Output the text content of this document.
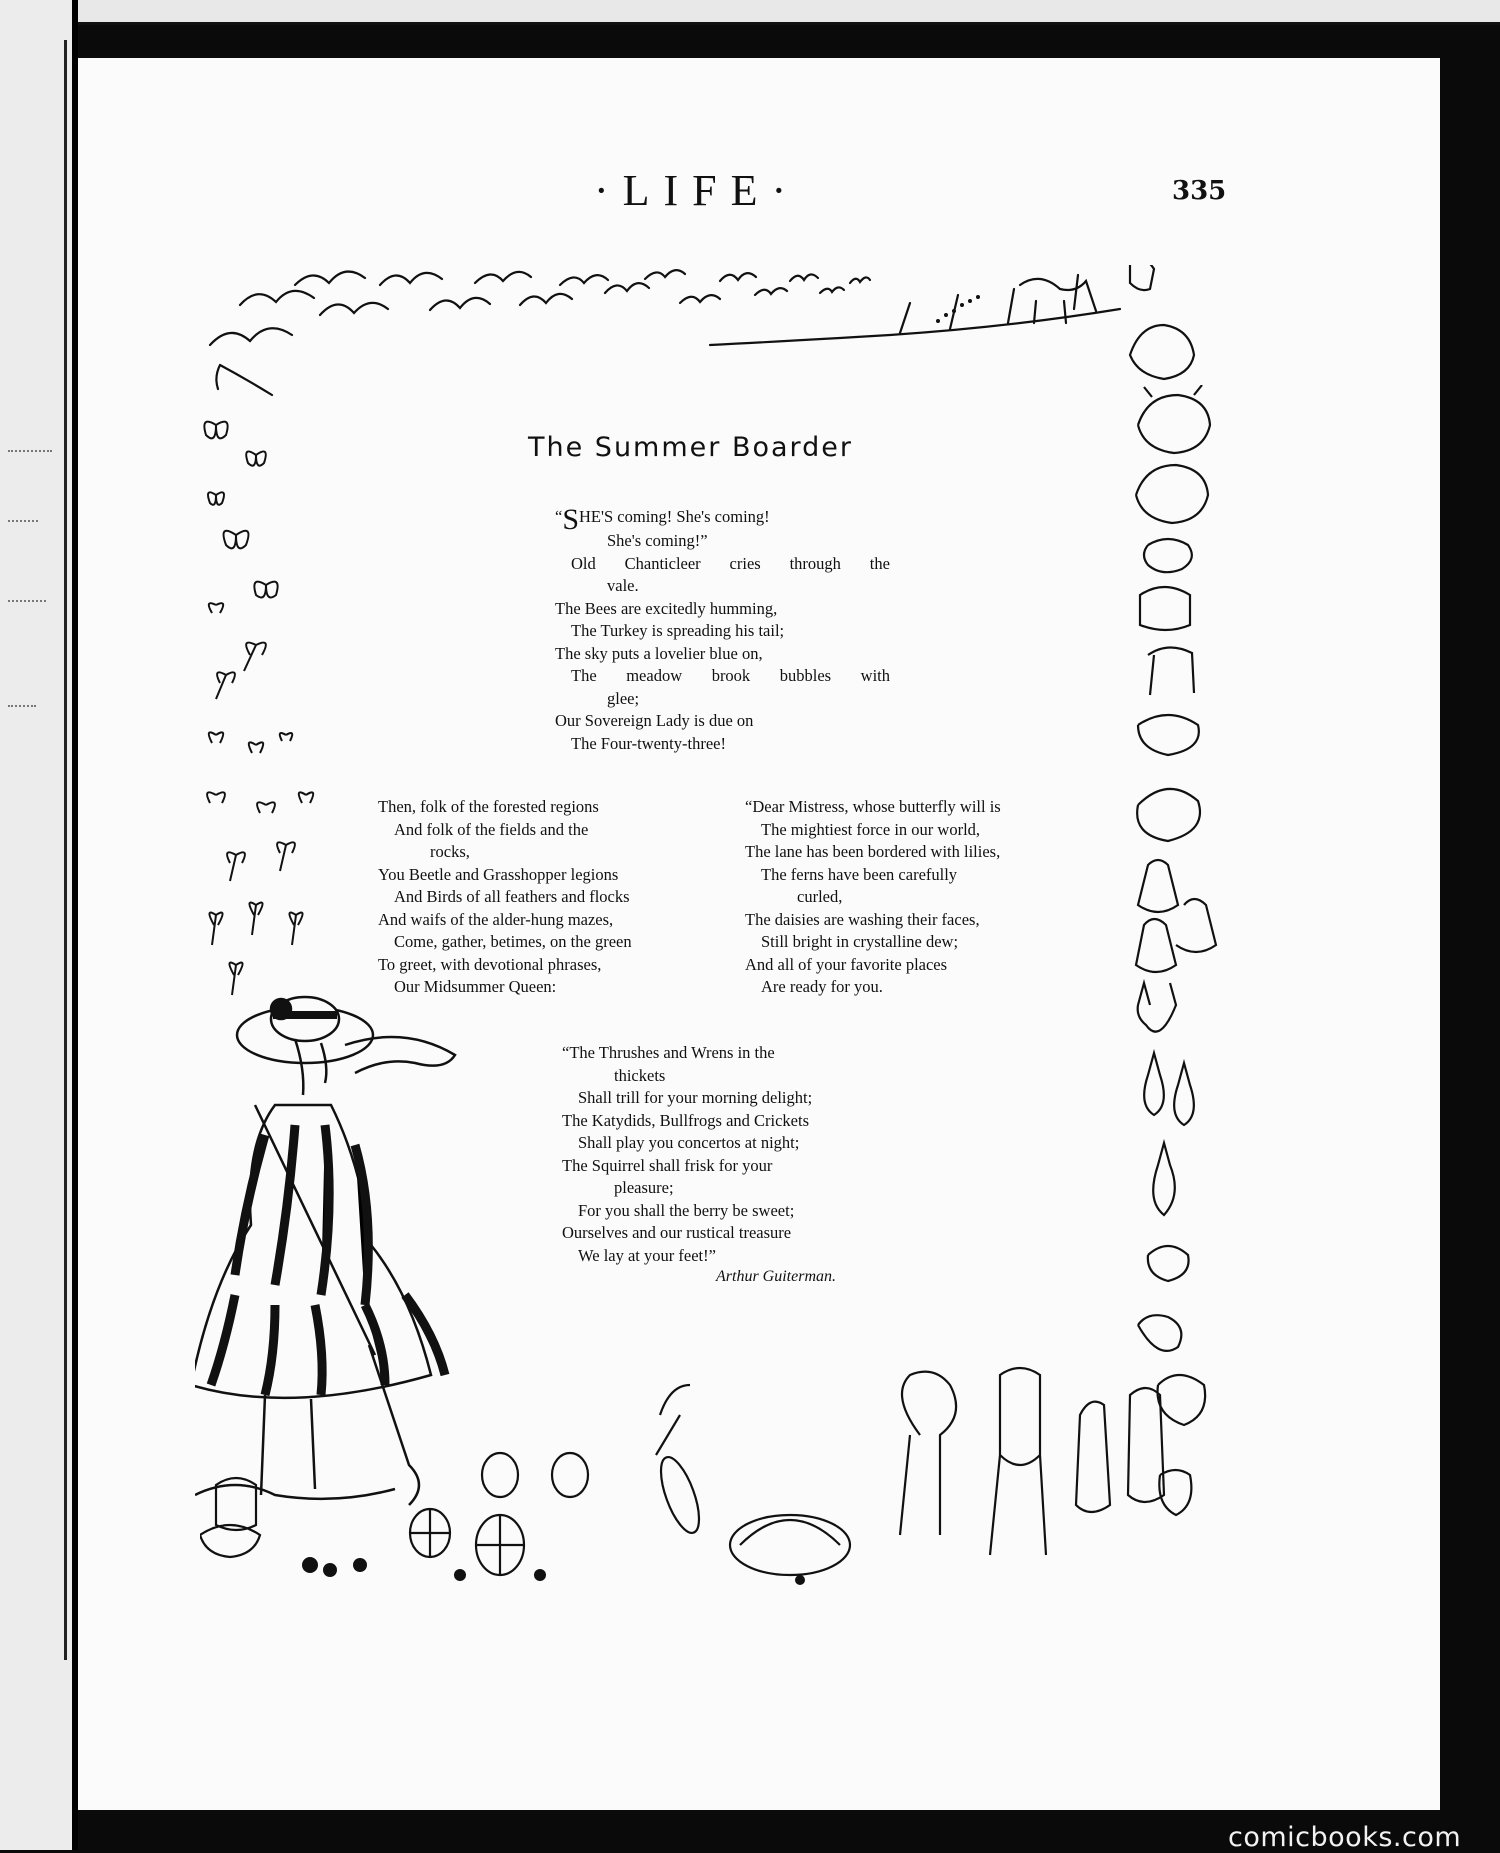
·LIFE·	335
The Summer Boarder
“SHE'S coming! She's coming!
She's coming!”
Old Chanticleer cries through the
vale.
The Bees are excitedly humming,
The Turkey is spreading his tail;
The sky puts a lovelier blue on,
The meadow brook bubbles with
glee;
Our Sovereign Lady is due on
The Four-twenty-three!
Then, folk of the forested regions
And folk of the fields and the
rocks,
You Beetle and Grasshopper legions
And Birds of all feathers and flocks
And waifs of the alder-hung mazes,
Come, gather, betimes, on the green
To greet, with devotional phrases,
Our Midsummer Queen:
“Dear Mistress, whose butterfly will is
The mightiest force in our world,
The lane has been bordered with lilies,
The ferns have been carefully
curled,
The daisies are washing their faces,
Still bright in crystalline dew;
And all of your favorite places
Are ready for you.
“The Thrushes and Wrens in the
thickets
Shall trill for your morning delight;
The Katydids, Bullfrogs and Crickets
Shall play you concertos at night;
The Squirrel shall frisk for your
pleasure;
For you shall the berry be sweet;
Ourselves and our rustical treasure
We lay at your feet!”
Arthur Guiterman.
comicbooks.com
